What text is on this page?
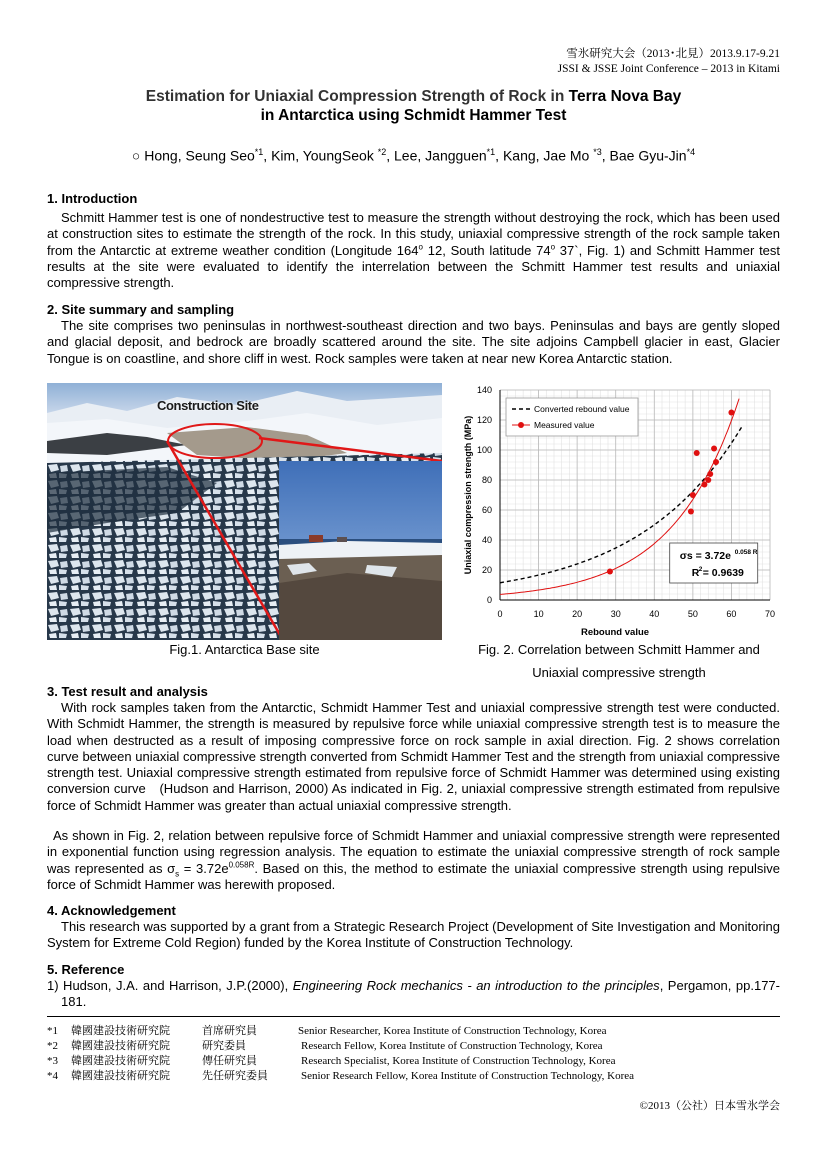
雪氷研究大会（2013･北見）2013.9.17-9.21
JSSI & JSSE Joint Conference – 2013 in Kitami
Estimation for Uniaxial Compression Strength of Rock in Terra Nova Bay
in Antarctica using Schmidt Hammer Test
○ Hong, Seung Seo$^{*1}$, Kim, YoungSeok $^{*2}$, Lee, Jangguen$^{*1}$, Kang, Jae Mo $^{*3}$, Bae Gyu-Jin$^{*4}$
1. Introduction
Schmitt Hammer test is one of nondestructive test to measure the strength without destroying the rock, which has been used at construction sites to estimate the strength of the rock. In this study, uniaxial compressive strength of the rock sample taken from the Antarctic at extreme weather condition (Longitude 164$^o$ 12, South latitude 74$^o$ 37`, Fig. 1) and Schmitt Hammer test results at the site were evaluated to identify the interrelation between the Schmitt Hammer test results and uniaxial compressive strength.
2. Site summary and sampling
The site comprises two peninsulas in northwest-southeast direction and two bays. Peninsulas and bays are gently sloped and glacial deposit, and bedrock are broadly scattered around the site. The site adjoins Campbell glacier in east, Glacier Tongue is on coastline, and shore cliff in west. Rock samples were taken at near new Korea Antarctic station.
Construction Site
0	10	20	30	40	50	60	70
0
20
40
60
80
100
120
140
Rebound value
Uniaxial compression strength (MPa)
Converted rebound value
Measured value
σs = 3.72e 0.058 R
R 2 = 0.9639
Fig.1. Antarctica Base site	Fig. 2. Correlation between Schmitt Hammer and
Uniaxial compressive strength
3. Test result and analysis
With rock samples taken from the Antarctic, Schmidt Hammer Test and uniaxial compressive strength test were conducted. With Schmidt Hammer, the strength is measured by repulsive force while uniaxial compressive strength test is to measure the load when destructed as a result of imposing compressive force on rock sample in axial direction. Fig. 2 shows correlation curve between uniaxial compressive strength converted from Schmidt Hammer Test and the strength from uniaxial compressive strength test. Uniaxial compressive strength estimated from repulsive force of Schmidt Hammer was determined using existing conversion curve　(Hudson and Harrison, 2000) As indicated in Fig. 2, uniaxial compressive strength estimated from repulsive force of Schmidt Hammer was greater than actual uniaxial compressive strength.
As shown in Fig. 2, relation between repulsive force of Schmidt Hammer and uniaxial compressive strength were represented in exponential function using regression analysis. The equation to estimate the uniaxial compressive strength of rock sample was represented as $\sigma_s = 3.72e^{0.058R}$. Based on this, the method to estimate the uniaxial compressive strength using repulsive force of Schmidt Hammer was herewith proposed.
4. Acknowledgement
This research was supported by a grant from a Strategic Research Project (Development of Site Investigation and Monitoring System for Extreme Cold Region) funded by the Korea Institute of Construction Technology.
5. Reference
1) Hudson, J.A. and Harrison, J.P.(2000), Engineering Rock mechanics - an introduction to the principles, Pergamon, pp.177-181.
*1 韓國建設技術研究院	首席研究員	Senior Researcher, Korea Institute of Construction Technology, Korea
*2 韓國建設技術研究院	研究委員	Research Fellow, Korea Institute of Construction Technology, Korea
*3 韓國建設技術研究院	傳任研究員	Research Specialist, Korea Institute of Construction Technology, Korea
*4 韓國建設技術研究院	先任研究委員	Senior Research Fellow, Korea Institute of Construction Technology, Korea
©2013（公社）日本雪氷学会
